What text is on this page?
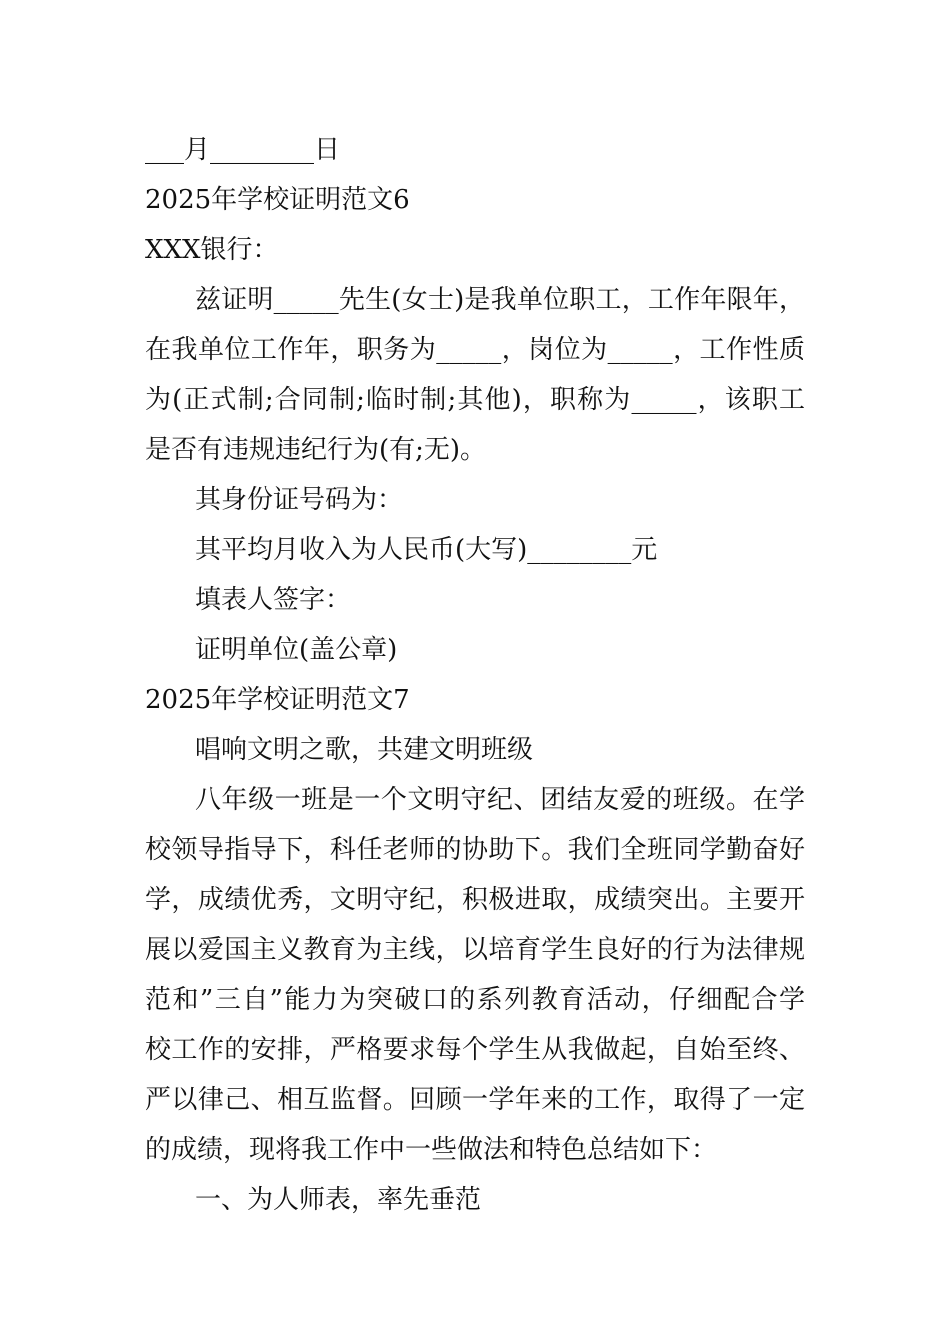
___月________日
2025年学校证明范文6
XXX银行：
兹证明_____先生(女士)是我单位职工，工作年限年，
在我单位工作年，职务为_____，岗位为_____，工作性质
为(正式制;合同制;临时制;其他)，职称为_____，该职工
是否有违规违纪行为(有;无)。
其身份证号码为：
其平均月收入为人民币(大写)________元
填表人签字：
证明单位(盖公章)
2025年学校证明范文7
唱响文明之歌，共建文明班级
八年级一班是一个文明守纪、团结友爱的班级。在学
校领导指导下，科任老师的协助下。我们全班同学勤奋好
学，成绩优秀，文明守纪，积极进取，成绩突出。主要开
展以爱国主义教育为主线，以培育学生良好的行为法律规
范和”三自”能力为突破口的系列教育活动，仔细配合学
校工作的安排，严格要求每个学生从我做起，自始至终、
严以律己、相互监督。回顾一学年来的工作，取得了一定
的成绩，现将我工作中一些做法和特色总结如下：
一、为人师表，率先垂范
